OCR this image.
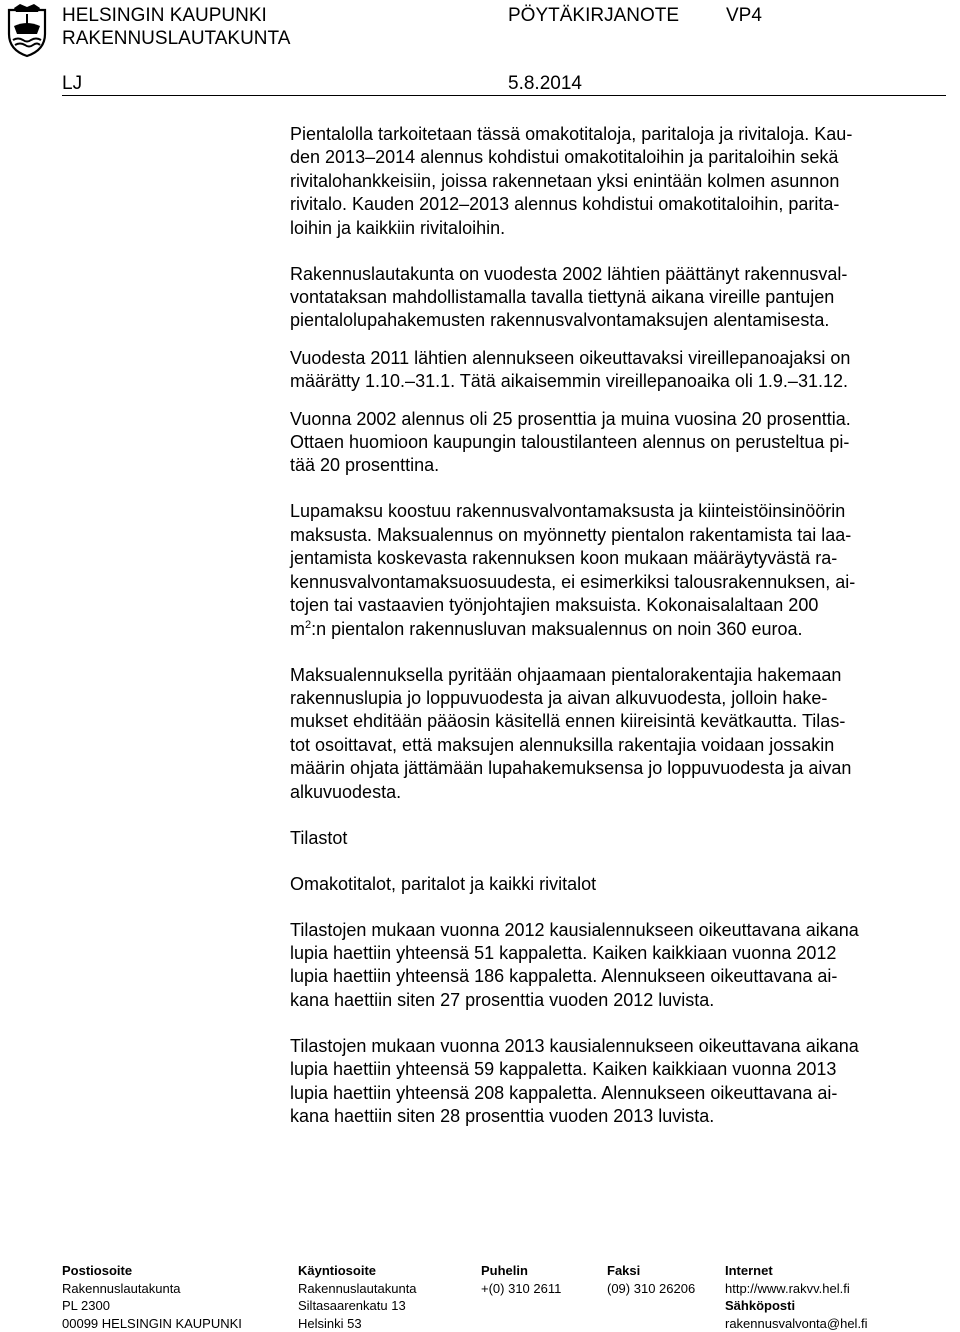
HELSINGIN KAUPUNKI
RAKENNUSLAUTAKUNTA
PÖYTÄKIRJANOTE VP4
LJ	5.8.2014

Pientalolla tarkoitetaan tässä omakotitaloja, paritaloja ja rivitaloja. Kau-
den 2013–2014 alennus kohdistui omakotitaloihin ja paritaloihin sekä
rivitalohankkeisiin, joissa rakennetaan yksi enintään kolmen asunnon
rivitalo. Kauden 2012–2013 alennus kohdistui omakotitaloihin, parita-
loihin ja kaikkiin rivitaloihin.

Rakennuslautakunta on vuodesta 2002 lähtien päättänyt rakennusval-
vontataksan mahdollistamalla tavalla tiettynä aikana vireille pantujen
pientalolupahakemusten rakennusvalvontamaksujen alentamisesta.

Vuodesta 2011 lähtien alennukseen oikeuttavaksi vireillepanoajaksi on
määrätty 1.10.–31.1. Tätä aikaisemmin vireillepanoaika oli 1.9.–31.12.

Vuonna 2002 alennus oli 25 prosenttia ja muina vuosina 20 prosenttia.
Ottaen huomioon kaupungin taloustilanteen alennus on perusteltua pi-
tää 20 prosenttina.

Lupamaksu koostuu rakennusvalvontamaksusta ja kiinteistöinsinöörin
maksusta. Maksualennus on myönnetty pientalon rakentamista tai laa-
jentamista koskevasta rakennuksen koon mukaan määräytyvästä ra-
kennusvalvontamaksuosuudesta, ei esimerkiksi talousrakennuksen, ai-
tojen tai vastaavien työnjohtajien maksuista. Kokonaisalaltaan 200
$m^2:n$ pientalon rakennusluvan maksualennus on noin 360 euroa.

Maksualennuksella pyritään ohjaamaan pientalorakentajia hakemaan
rakennuslupia jo loppuvuodesta ja aivan alkuvuodesta, jolloin hake-
mukset ehditään pääosin käsitellä ennen kiireisintä kevätkautta. Tilas-
tot osoittavat, että maksujen alennuksilla rakentajia voidaan jossakin
määrin ohjata jättämään lupahakemuksensa jo loppuvuodesta ja aivan
alkuvuodesta.

Tilastot

Omakotitalot, paritalot ja kaikki rivitalot

Tilastojen mukaan vuonna 2012 kausialennukseen oikeuttavana aikana
lupia haettiin yhteensä 51 kappaletta. Kaiken kaikkiaan vuonna 2012
lupia haettiin yhteensä 186 kappaletta. Alennukseen oikeuttavana ai-
kana haettiin siten 27 prosenttia vuoden 2012 luvista.

Tilastojen mukaan vuonna 2013 kausialennukseen oikeuttavana aikana
lupia haettiin yhteensä 59 kappaletta. Kaiken kaikkiaan vuonna 2013
lupia haettiin yhteensä 208 kappaletta. Alennukseen oikeuttavana ai-
kana haettiin siten 28 prosenttia vuoden 2013 luvista.

Postiosoite
Rakennuslautakunta
PL 2300
00099 HELSINGIN KAUPUNKI
Käyntiosoite
Rakennuslautakunta
Siltasaarenkatu 13
Helsinki 53
Puhelin
+(0) 310 2611
Faksi
(09) 310 26206
Internet
http://www.rakvv.hel.fi
Sähköposti
rakennusvalvonta@hel.fi
